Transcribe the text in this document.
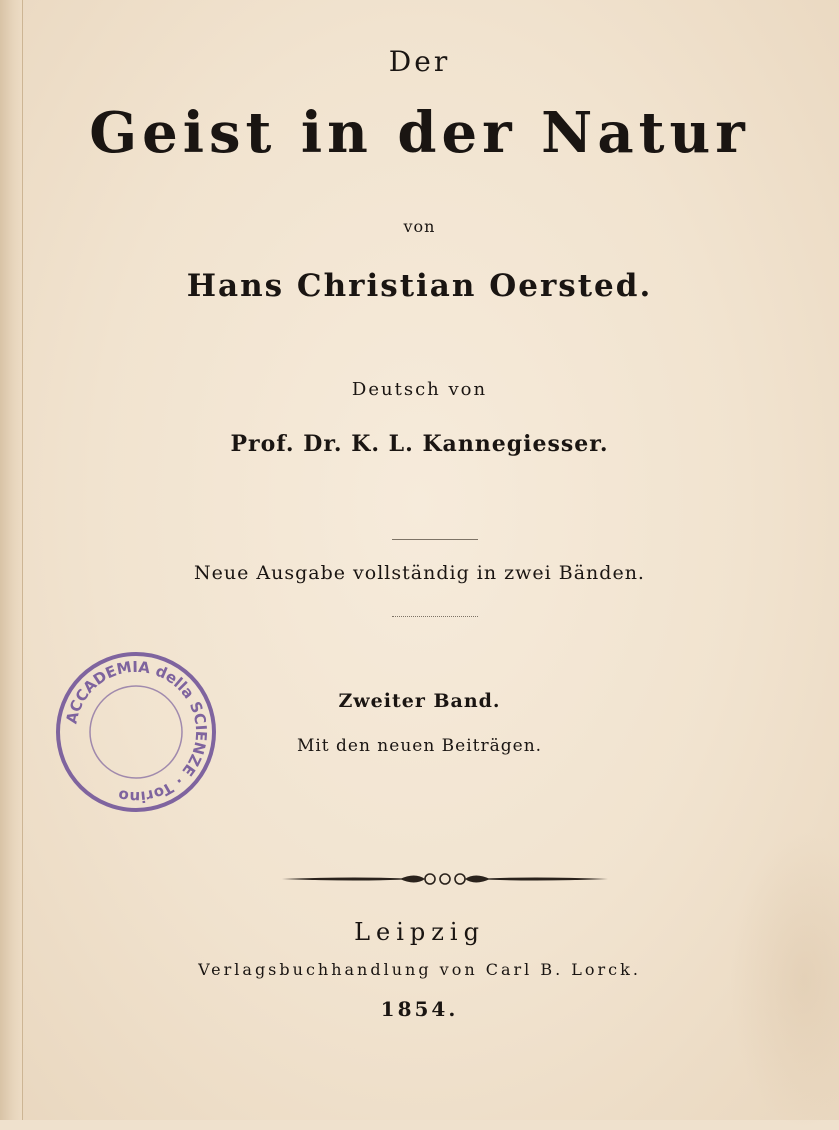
Der
Geist in der Natur
von
Hans Christian Oersted.
Deutsch von
Prof. Dr. K. L. Kannegiesser.
Neue Ausgabe vollständig in zwei Bänden.
Zweiter Band.
Mit den neuen Beiträgen.
Leipzig
Verlagsbuchhandlung von Carl B. Lorck.
1854.
ACCADEMIA della SCIENZE · Torino
